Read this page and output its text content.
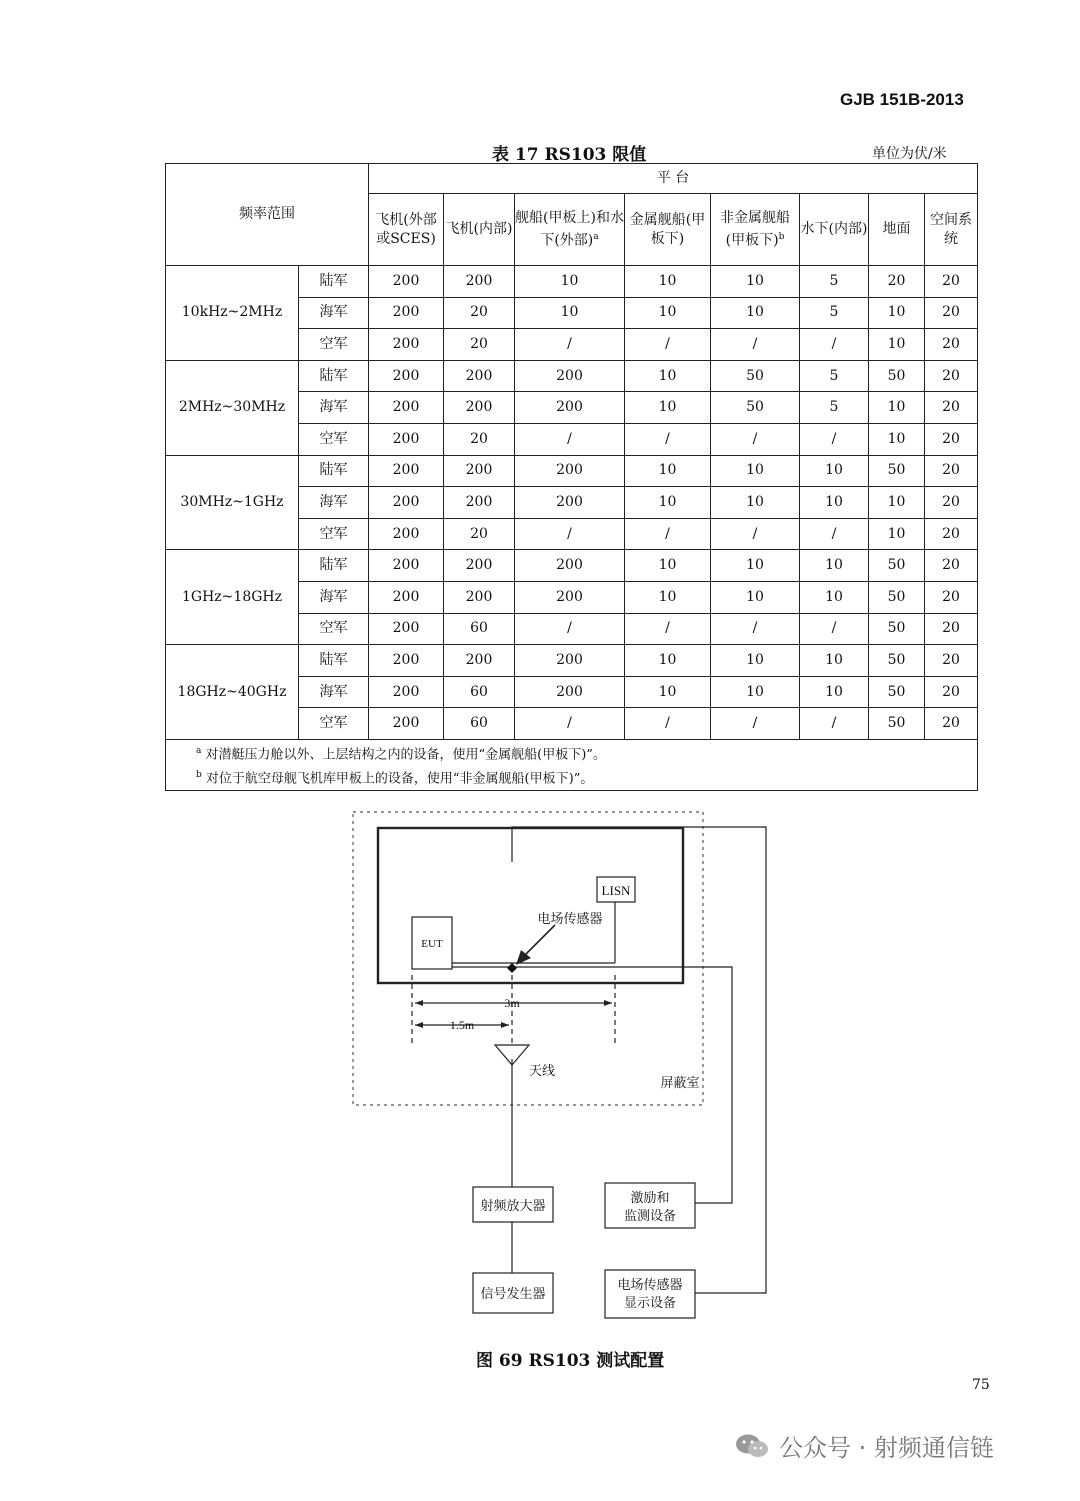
GJB 151B-2013
表 17 RS103 限值	单位为伏/米
频率范围		平 台							
		飞机(外部或SCES)	飞机(内部)	舰船(甲板上)和水下(外部)$^a$	金属舰船(甲板下)	非金属舰船(甲板下)$^b$	水下(内部)	地面	空间系统
10kHz~2MHz	陆军	200	200	10	10	10	5	20	20
	海军	200	20	10	10	10	5	10	20
	空军	200	20	/	/	/	/	10	20
2MHz~30MHz	陆军	200	200	200	10	50	5	50	20
	海军	200	200	200	10	50	5	10	20
	空军	200	20	/	/	/	/	10	20
30MHz~1GHz	陆军	200	200	200	10	10	10	50	20
	海军	200	200	200	10	10	10	10	20
	空军	200	20	/	/	/	/	10	20
1GHz~18GHz	陆军	200	200	200	10	10	10	50	20
	海军	200	200	200	10	10	10	50	20
	空军	200	60	/	/	/	/	50	20
18GHz~40GHz	陆军	200	200	200	10	10	10	50	20
	海军	200	60	200	10	10	10	50	20
	空军	200	60	/	/	/	/	50	20

$^a$ 对潜艇压力舱以外、上层结构之内的设备，使用“金属舰船(甲板下)”。
$^b$ 对位于航空母舰飞机库甲板上的设备，使用“非金属舰船(甲板下)”。									
LISN
EUT
电场传感器
3m
1.5m
天线
屏蔽室
射频放大器
信号发生器
激励和
监测设备
电场传感器
显示设备
图 69 RS103 测试配置
75
公众号 · 射频通信链
